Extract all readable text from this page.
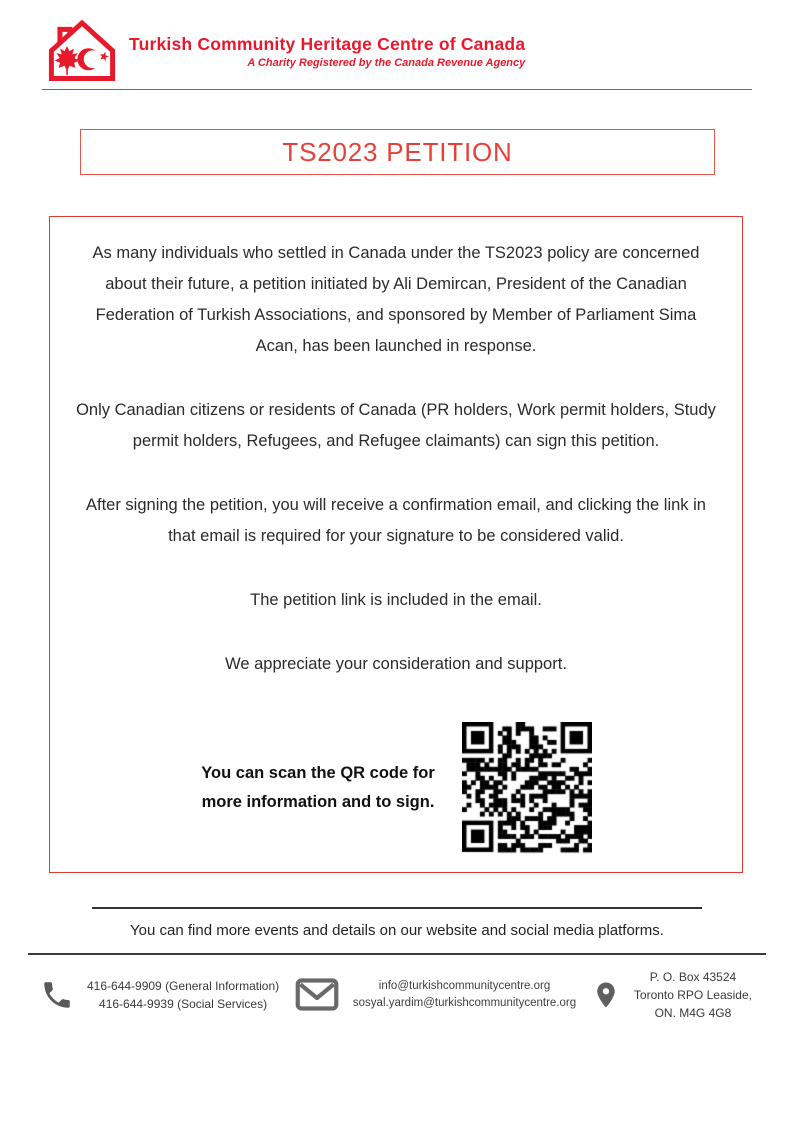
Turkish Community Heritage Centre of Canada
A Charity Registered by the Canada Revenue Agency
TS2023 PETITION

As many individuals who settled in Canada under the TS2023 policy are concerned about their future, a petition initiated by Ali Demircan, President of the Canadian Federation of Turkish Associations, and sponsored by Member of Parliament Sima Acan, has been launched in response.

Only Canadian citizens or residents of Canada (PR holders, Work permit holders, Study permit holders, Refugees, and Refugee claimants) can sign this petition.

After signing the petition, you will receive a confirmation email, and clicking the link in that email is required for your signature to be considered valid.

The petition link is included in the email.

We appreciate your consideration and support.

You can scan the QR code for more information and to sign.

You can find more events and details on our website and social media platforms.

416-644-9909 (General Information)
416-644-9939 (Social Services)
info@turkishcommunitycentre.org
sosyal.yardim@turkishcommunitycentre.org
P. O. Box 43524
Toronto RPO Leaside,
ON. M4G 4G8
